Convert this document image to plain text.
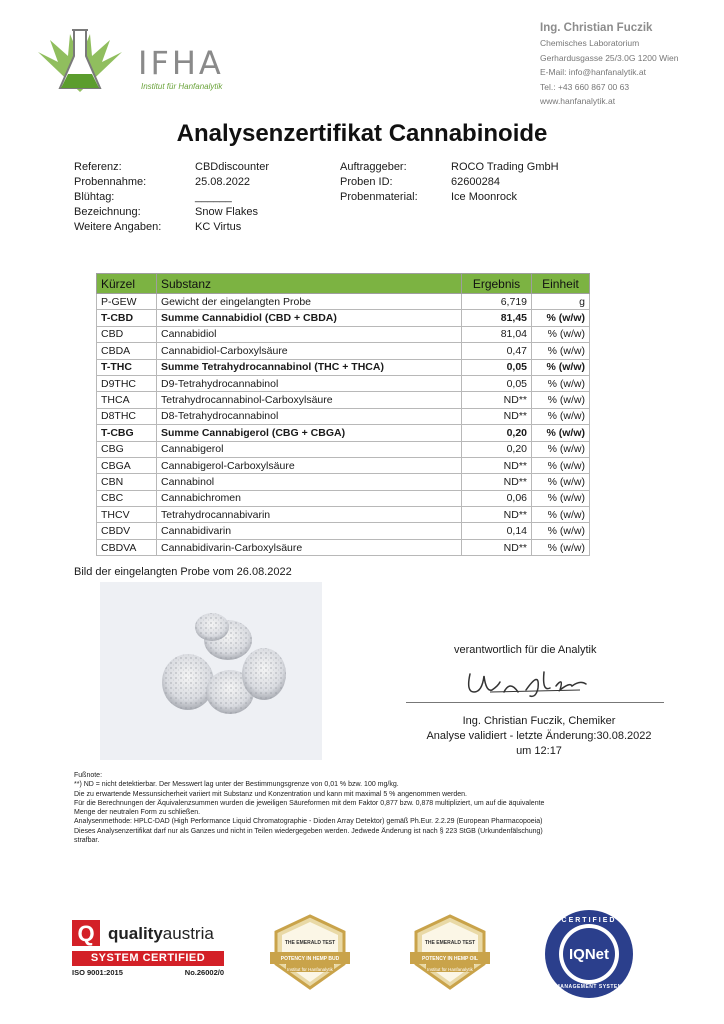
IFHA
Institut für Hanfanalytik
Ing. Christian Fuczik
Chemisches Laboratorium
Gerhardusgasse 25/3.0G 1200 Wien
E-Mail: info@hanfanalytik.at
Tel.: +43 660 867 00 63
www.hanfanalytik.at
Analysenzertifikat Cannabinoide
Referenz:	CBDdiscounter
Probennahme:	25.08.2022
Blühtag:	______
Bezeichnung:	Snow Flakes
Weitere Angaben:	KC Virtus
Auftraggeber:	ROCO Trading GmbH
Proben ID:	62600284
Probenmaterial:	Ice Moonrock
Kürzel	Substanz	Ergebnis	Einheit
P-GEW	Gewicht der eingelangten Probe	6,719	g
T-CBD	Summe Cannabidiol (CBD + CBDA)	81,45	% (w/w)
CBD	Cannabidiol	81,04	% (w/w)
CBDA	Cannabidiol-Carboxylsäure	0,47	% (w/w)
T-THC	Summe Tetrahydrocannabinol (THC + THCA)	0,05	% (w/w)
D9THC	D9-Tetrahydrocannabinol	0,05	% (w/w)
THCA	Tetrahydrocannabinol-Carboxylsäure	ND**	% (w/w)
D8THC	D8-Tetrahydrocannabinol	ND**	% (w/w)
T-CBG	Summe Cannabigerol (CBG + CBGA)	0,20	% (w/w)
CBG	Cannabigerol	0,20	% (w/w)
CBGA	Cannabigerol-Carboxylsäure	ND**	% (w/w)
CBN	Cannabinol	ND**	% (w/w)
CBC	Cannabichromen	0,06	% (w/w)
THCV	Tetrahydrocannabivarin	ND**	% (w/w)
CBDV	Cannabidivarin	0,14	% (w/w)
CBDVA	Cannabidivarin-Carboxylsäure	ND**	% (w/w)
Bild der eingelangten Probe vom 26.08.2022
verantwortlich für die Analytik
Ing. Christian Fuczik, Chemiker
Analyse validiert - letzte Änderung:30.08.2022
um 12:17
Fußnote:
**) ND = nicht detektierbar. Der Messwert lag unter der Bestimmungsgrenze von 0,01 % bzw. 100 mg/kg.
Die zu erwartende Messunsicherheit variiert mit Substanz und Konzentration und kann mit maximal 5 % angenommen werden.
Für die Berechnungen der Äquivalenzsummen wurden die jeweiligen Säureformen mit dem Faktor 0,877 bzw. 0,878 multipliziert, um auf die äquivalente
Menge der neutralen Form zu schließen.
Analysenmethode: HPLC-DAD (High Performance Liquid Chromatographie - Dioden Array Detektor) gemäß Ph.Eur. 2.2.29 (European Pharmacopoeia)
Dieses Analysenzertifikat darf nur als Ganzes und nicht in Teilen wiedergegeben werden. Jedwede Änderung ist nach § 223 StGB (Urkundenfälschung)
strafbar.
Q qualityaustria
SYSTEM CERTIFIED
ISO 9001:2015	No.26002/0
THE EMERALD TEST
POTENCY IN HEMP BUD
Institut für Hanfanalytik
THE EMERALD TEST
POTENCY IN HEMP OIL
Institut für Hanfanalytik
CERTIFIED
IQNet
MANAGEMENT SYSTEM
